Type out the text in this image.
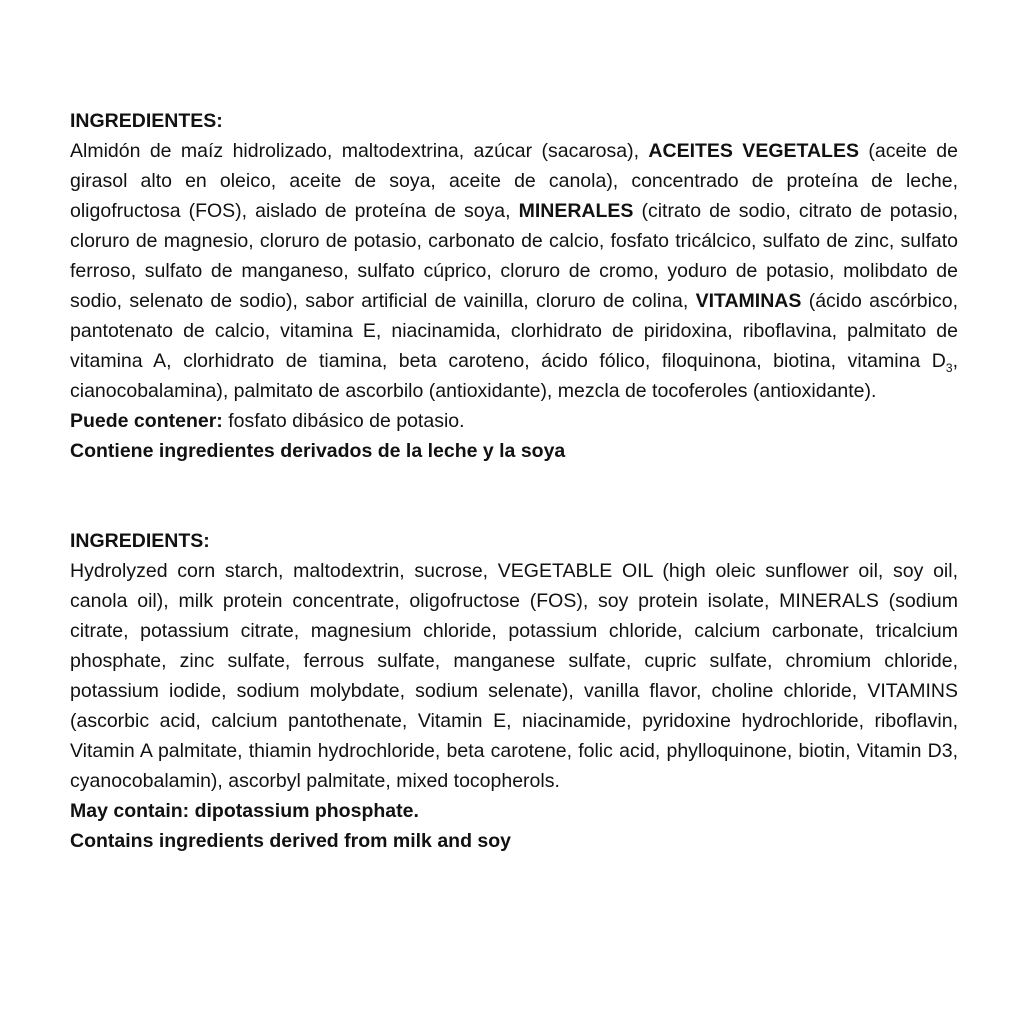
INGREDIENTES:
Almidón de maíz hidrolizado, maltodextrina, azúcar (sacarosa), ACEITES VEGETALES (aceite de girasol alto en oleico, aceite de soya, aceite de canola), concentrado de proteína de leche, oligofructosa (FOS), aislado de proteína de soya, MINERALES (citrato de sodio, citrato de potasio, cloruro de magnesio, cloruro de potasio, carbonato de calcio, fosfato tricálcico, sulfato de zinc, sulfato ferroso, sulfato de manganeso, sulfato cúprico, cloruro de cromo, yoduro de potasio, molibdato de sodio, selenato de sodio), sabor artificial de vainilla, cloruro de colina, VITAMINAS (ácido ascórbico, pantotenato de calcio, vitamina E, niacinamida, clorhidrato de piridoxina, riboflavina, palmitato de vitamina A, clorhidrato de tiamina, beta caroteno, ácido fólico, filoquinona, biotina, vitamina $D_3$, cianocobalamina), palmitato de ascorbilo (antioxidante), mezcla de tocoferoles (antioxidante).
Puede contener: fosfato dibásico de potasio.
Contiene ingredientes derivados de la leche y la soya
INGREDIENTS:
Hydrolyzed corn starch, maltodextrin, sucrose, VEGETABLE OIL (high oleic sunflower oil, soy oil, canola oil), milk protein concentrate, oligofructose (FOS), soy protein isolate, MINERALS (sodium citrate, potassium citrate, magnesium chloride, potassium chloride, calcium carbonate, tricalcium phosphate, zinc sulfate, ferrous sulfate, manganese sulfate, cupric sulfate, chromium chloride, potassium iodide, sodium molybdate, sodium selenate), vanilla flavor, choline chloride, VITAMINS (ascorbic acid, calcium pantothenate, Vitamin E, niacinamide, pyridoxine hydrochloride, riboflavin, Vitamin A palmitate, thiamin hydrochloride, beta carotene, folic acid, phylloquinone, biotin, Vitamin D3, cyanocobalamin), ascorbyl palmitate, mixed tocopherols.
May contain: dipotassium phosphate.
Contains ingredients derived from milk and soy
